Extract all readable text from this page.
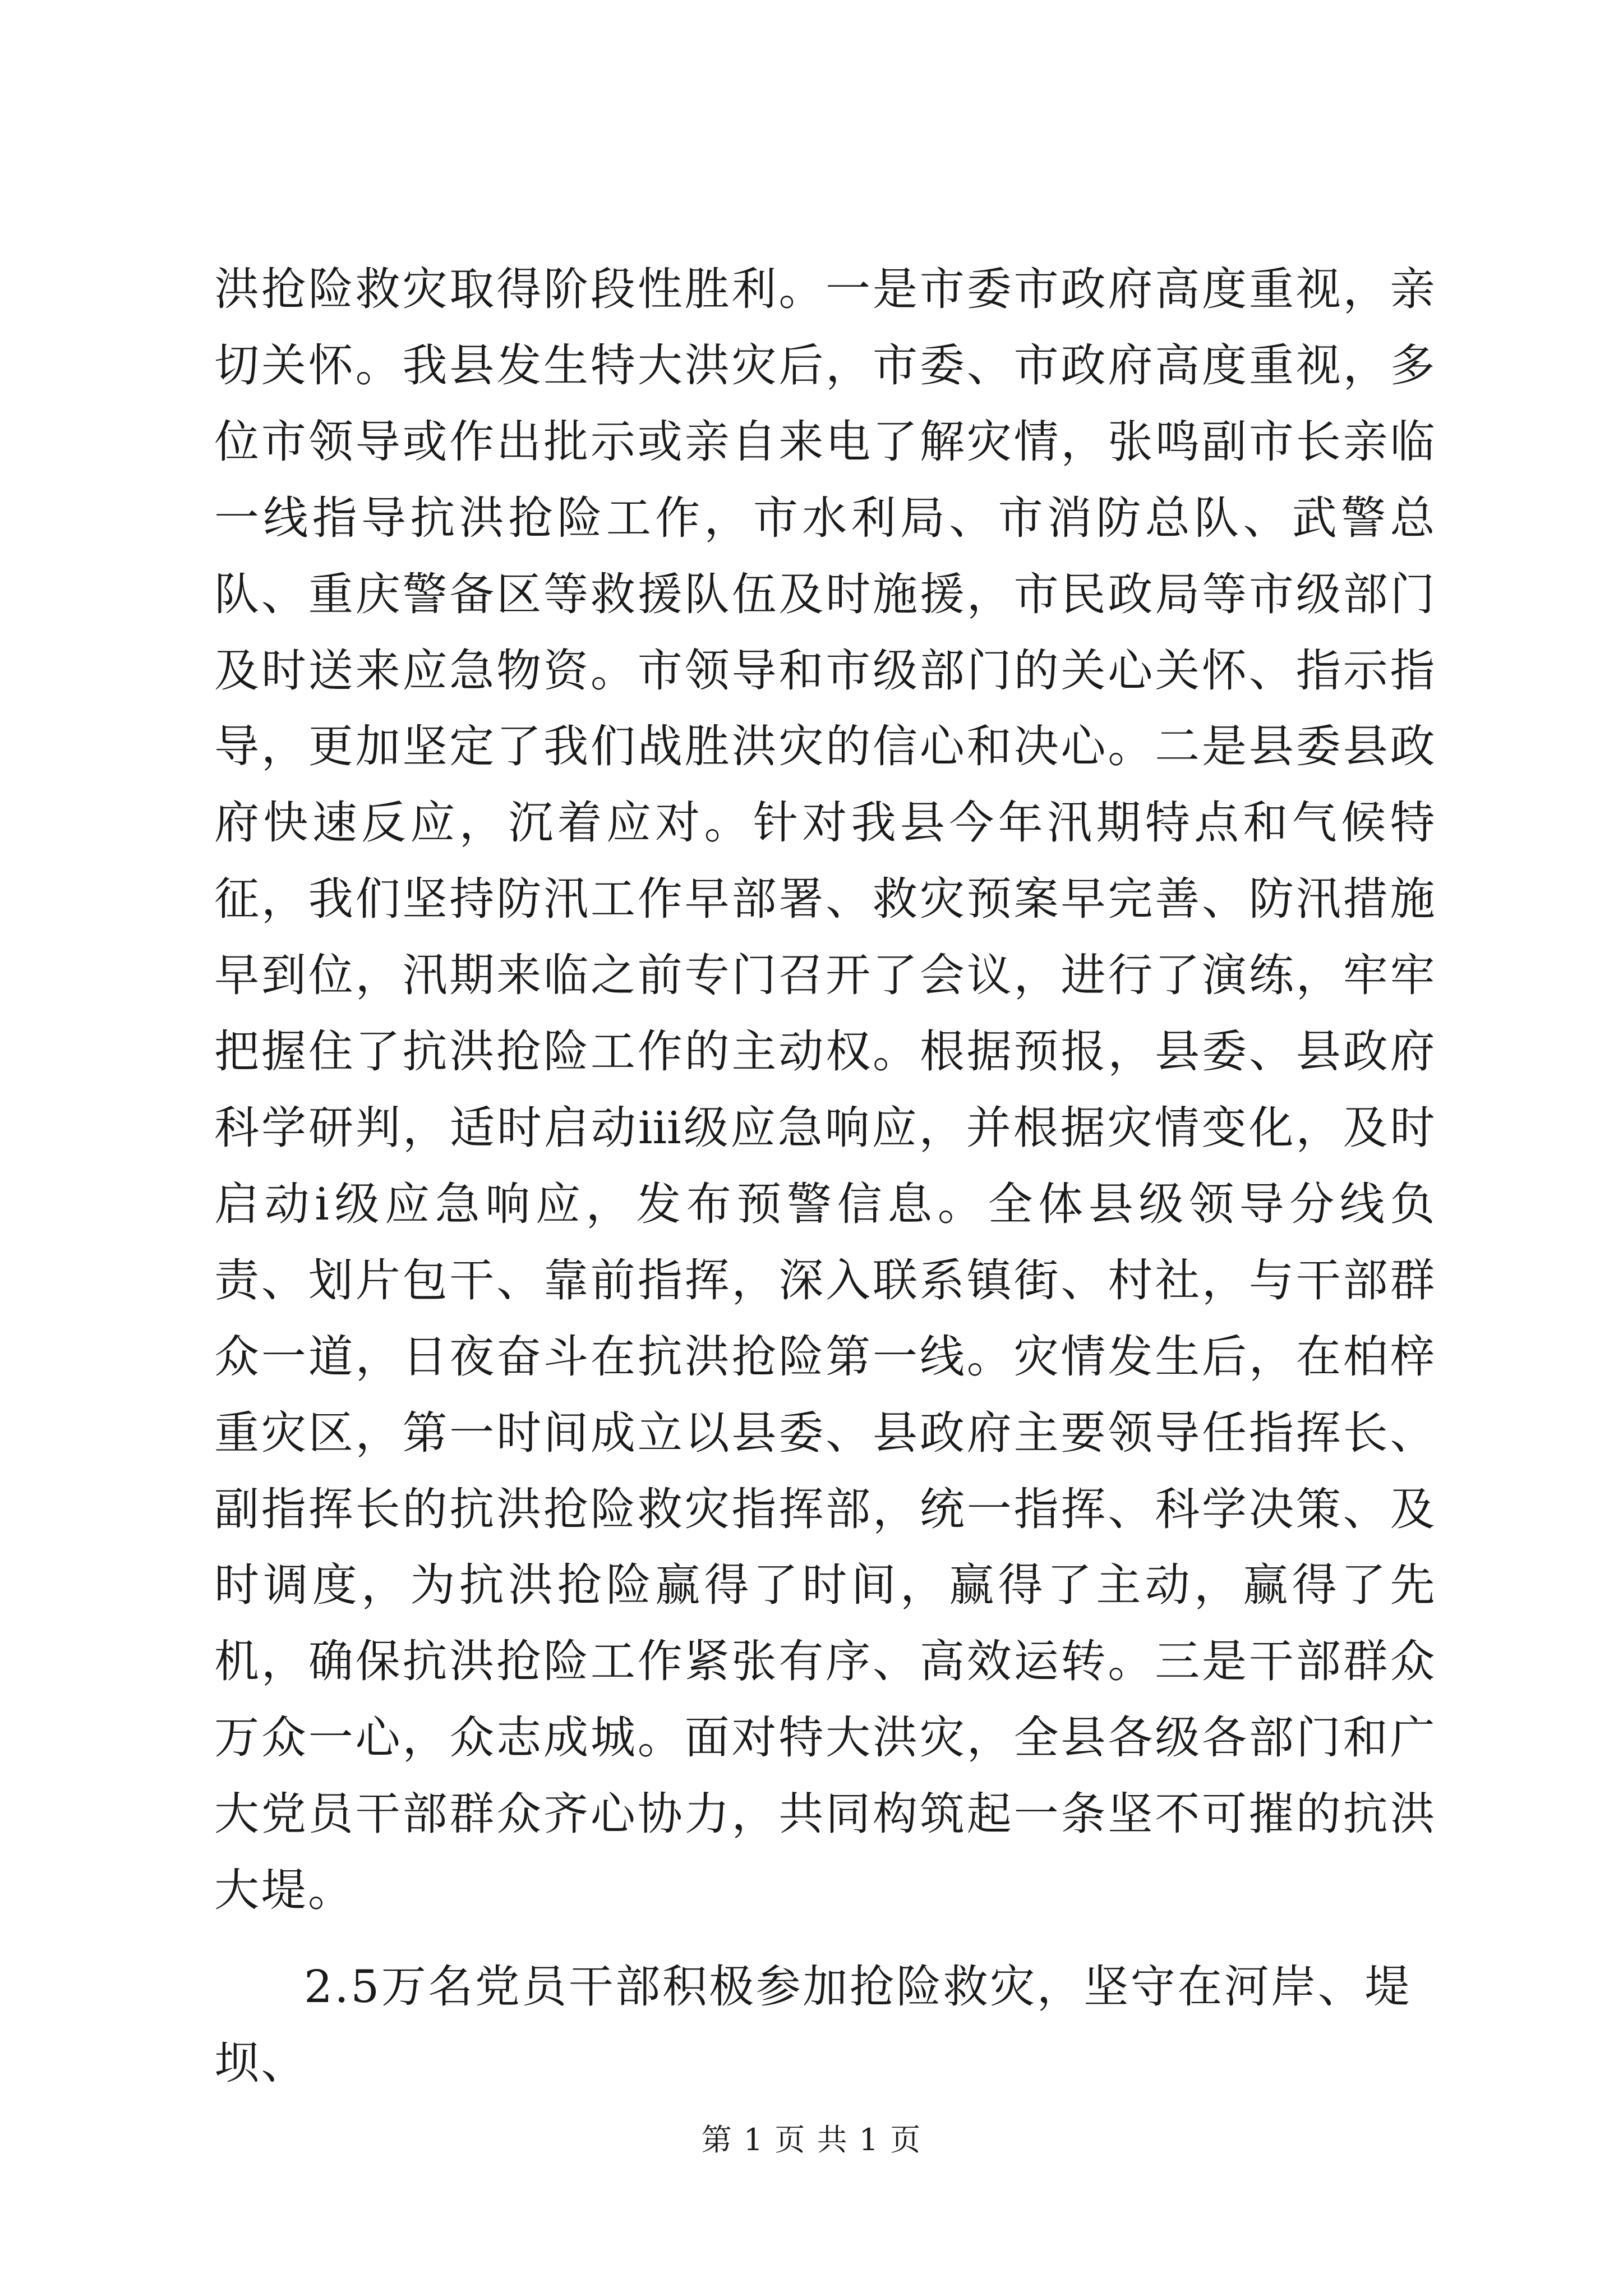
洪抢险救灾取得阶段性胜利。一是市委市政府高度重视，亲切关怀。我县发生特大洪灾后，市委、市政府高度重视，多位市领导或作出批示或亲自来电了解灾情，张鸣副市长亲临一线指导抗洪抢险工作，市水利局、市消防总队、武警总队、重庆警备区等救援队伍及时施援，市民政局等市级部门及时送来应急物资。市领导和市级部门的关心关怀、指示指导，更加坚定了我们战胜洪灾的信心和决心。二是县委县政府快速反应，沉着应对。针对我县今年汛期特点和气候特征，我们坚持防汛工作早部署、救灾预案早完善、防汛措施早到位，汛期来临之前专门召开了会议，进行了演练，牢牢把握住了抗洪抢险工作的主动权。根据预报，县委、县政府科学研判，适时启动ⅲ级应急响应，并根据灾情变化，及时启动ⅰ级应急响应，发布预警信息。全体县级领导分线负责、划片包干、靠前指挥，深入联系镇街、村社，与干部群众一道，日夜奋斗在抗洪抢险第一线。灾情发生后，在柏梓重灾区，第一时间成立以县委、县政府主要领导任指挥长、副指挥长的抗洪抢险救灾指挥部，统一指挥、科学决策、及时调度，为抗洪抢险赢得了时间，赢得了主动，赢得了先机，确保抗洪抢险工作紧张有序、高效运转。三是干部群众万众一心，众志成城。面对特大洪灾，全县各级各部门和广大党员干部群众齐心协力，共同构筑起一条坚不可摧的抗洪大堤。

2.5万名党员干部积极参加抢险救灾，坚守在河岸、堤坝、

第 1 页 共 1 页
